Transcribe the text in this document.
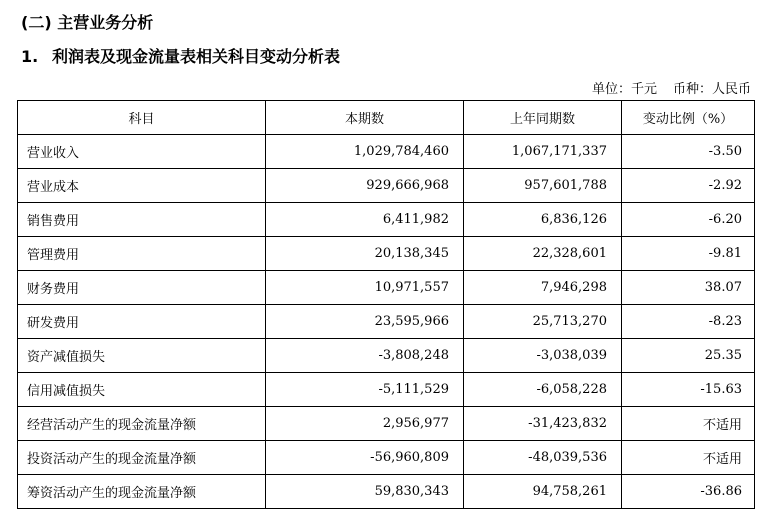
(二) 主营业务分析
1. 利润表及现金流量表相关科目变动分析表
单位：千元 币种：人民币
科目	本期数	上年同期数	变动比例（%）
营业收入	1,029,784,460	1,067,171,337	-3.50
营业成本	929,666,968	957,601,788	-2.92
销售费用	6,411,982	6,836,126	-6.20
管理费用	20,138,345	22,328,601	-9.81
财务费用	10,971,557	7,946,298	38.07
研发费用	23,595,966	25,713,270	-8.23
资产减值损失	-3,808,248	-3,038,039	25.35
信用减值损失	-5,111,529	-6,058,228	-15.63
经营活动产生的现金流量净额	2,956,977	-31,423,832	不适用
投资活动产生的现金流量净额	-56,960,809	-48,039,536	不适用
筹资活动产生的现金流量净额	59,830,343	94,758,261	-36.86
